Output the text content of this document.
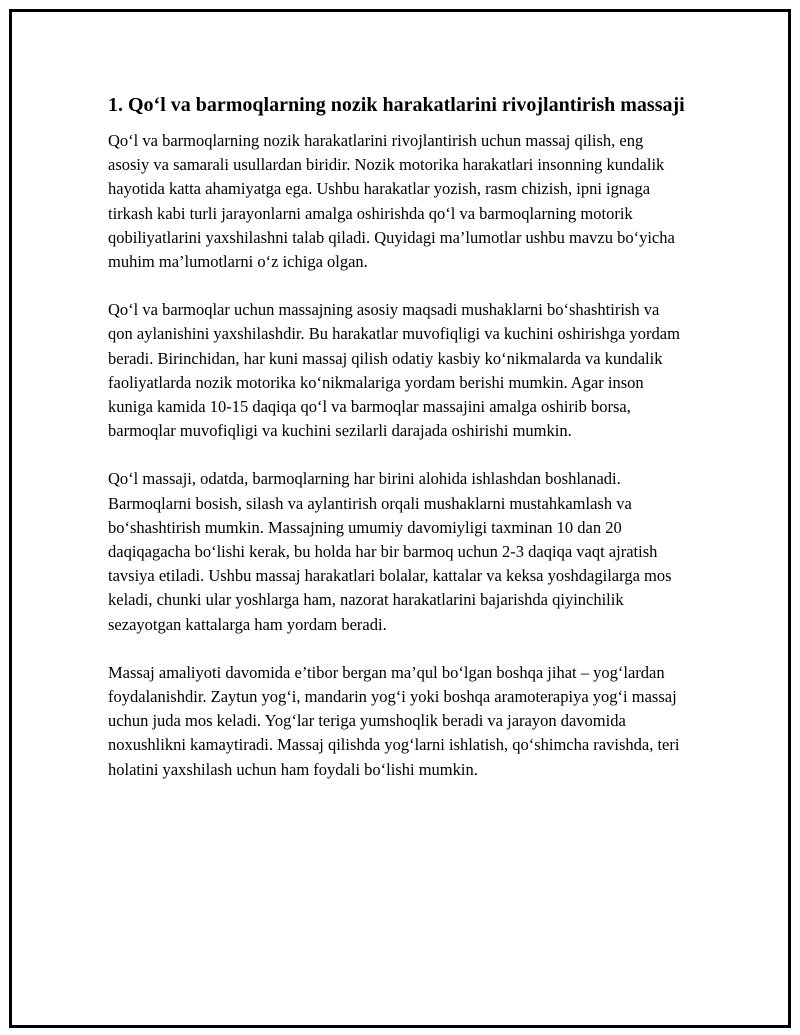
1. Qo‘l va barmoqlarning nozik harakatlarini rivojlantirish massaji

Qo‘l va barmoqlarning nozik harakatlarini rivojlantirish uchun massaj qilish, eng asosiy va samarali usullardan biridir. Nozik motorika harakatlari insonning kundalik hayotida katta ahamiyatga ega. Ushbu harakatlar yozish, rasm chizish, ipni ignaga tirkash kabi turli jarayonlarni amalga oshirishda qo‘l va barmoqlarning motorik qobiliyatlarini yaxshilashni talab qiladi. Quyidagi ma’lumotlar ushbu mavzu bo‘yicha muhim ma’lumotlarni o‘z ichiga olgan.

Qo‘l va barmoqlar uchun massajning asosiy maqsadi mushaklarni bo‘shashtirish va qon aylanishini yaxshilashdir. Bu harakatlar muvofiqligi va kuchini oshirishga yordam beradi. Birinchidan, har kuni massaj qilish odatiy kasbiy ko‘nikmalarda va kundalik faoliyatlarda nozik motorika ko‘nikmalariga yordam berishi mumkin. Agar inson kuniga kamida 10-15 daqiqa qo‘l va barmoqlar massajini amalga oshirib borsa, barmoqlar muvofiqligi va kuchini sezilarli darajada oshirishi mumkin.

Qo‘l massaji, odatda, barmoqlarning har birini alohida ishlashdan boshlanadi. Barmoqlarni bosish, silash va aylantirish orqali mushaklarni mustahkamlash va bo‘shashtirish mumkin. Massajning umumiy davomiyligi taxminan 10 dan 20 daqiqagacha bo‘lishi kerak, bu holda har bir barmoq uchun 2-3 daqiqa vaqt ajratish tavsiya etiladi. Ushbu massaj harakatlari bolalar, kattalar va keksa yoshdagilarga mos keladi, chunki ular yoshlarga ham, nazorat harakatlarini bajarishda qiyinchilik sezayotgan kattalarga ham yordam beradi.

Massaj amaliyoti davomida e’tibor bergan ma’qul bo‘lgan boshqa jihat – yog‘lardan foydalanishdir. Zaytun yog‘i, mandarin yog‘i yoki boshqa aramoterapiya yog‘i massaj uchun juda mos keladi. Yog‘lar teriga yumshoqlik beradi va jarayon davomida noxushlikni kamaytiradi. Massaj qilishda yog‘larni ishlatish, qo‘shimcha ravishda, teri holatini yaxshilash uchun ham foydali bo‘lishi mumkin.
